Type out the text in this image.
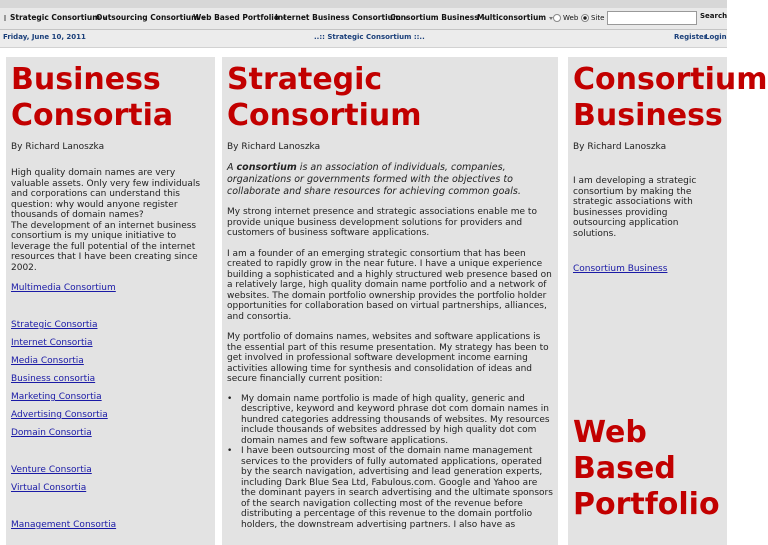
Strategic Consortium
Outsourcing Consortium
Web Based Portfolio
Internet Business Consortium
Consortium Business
Multiconsortium	Web	Site	Search
Friday, June 10, 2011	..:: Strategic Consortium ::..	Register
Login
Business
Consortia
By Richard Lanoszka

High quality domain names are very valuable assets. Only very few individuals and corporations can understand this question: why would anyone register thousands of domain names?

The development of an internet business consortium is my unique initiative to leverage the full potential of the internet resources that I have been creating since 2002.

Multimedia Consortium
Strategic Consortia
Internet Consortia
Media Consortia
Business consortia
Marketing Consortia
Advertising Consortia
Domain Consortia
Venture Consortia
Virtual Consortia
Management Consortia
Strategic
Consortium
By Richard Lanoszka

A consortium is an association of individuals, companies, organizations or governments formed with the objectives to collaborate and share resources for achieving common goals.

My strong internet presence and strategic associations enable me to provide unique business development solutions for providers and customers of business software applications.

I am a founder of an emerging strategic consortium that has been created to rapidly grow in the near future. I have a unique experience building a sophisticated and a highly structured web presence based on a relatively large, high quality domain name portfolio and a network of websites. The domain portfolio ownership provides the portfolio holder opportunities for collaboration based on virtual partnerships, alliances, and consortia.

My portfolio of domains names, websites and software applications is the essential part of this resume presentation. My strategy has been to get involved in professional software development income earning activities allowing time for synthesis and consolidation of ideas and secure financially current position:

• My domain name portfolio is made of high quality, generic and descriptive, keyword and keyword phrase dot com domain names in hundred categories addressing thousands of websites. My resources include thousands of websites addressed by high quality dot com domain names and few software applications.
• I have been outsourcing most of the domain name management services to the providers of fully automated applications, operated by the search navigation, advertising and lead generation experts, including Dark Blue Sea Ltd, Fabulous.com. Google and Yahoo are the dominant payers in search advertising and the ultimate sponsors of the search navigation collecting most of the revenue before distributing a percentage of this revenue to the domain portfolio holders, the downstream advertising partners. I also have as
Consortium
Business
By Richard Lanoszka

I am developing a strategic consortium by making the strategic associations with businesses providing outsourcing application solutions.

Consortium Business
Web
Based
Portfolio
